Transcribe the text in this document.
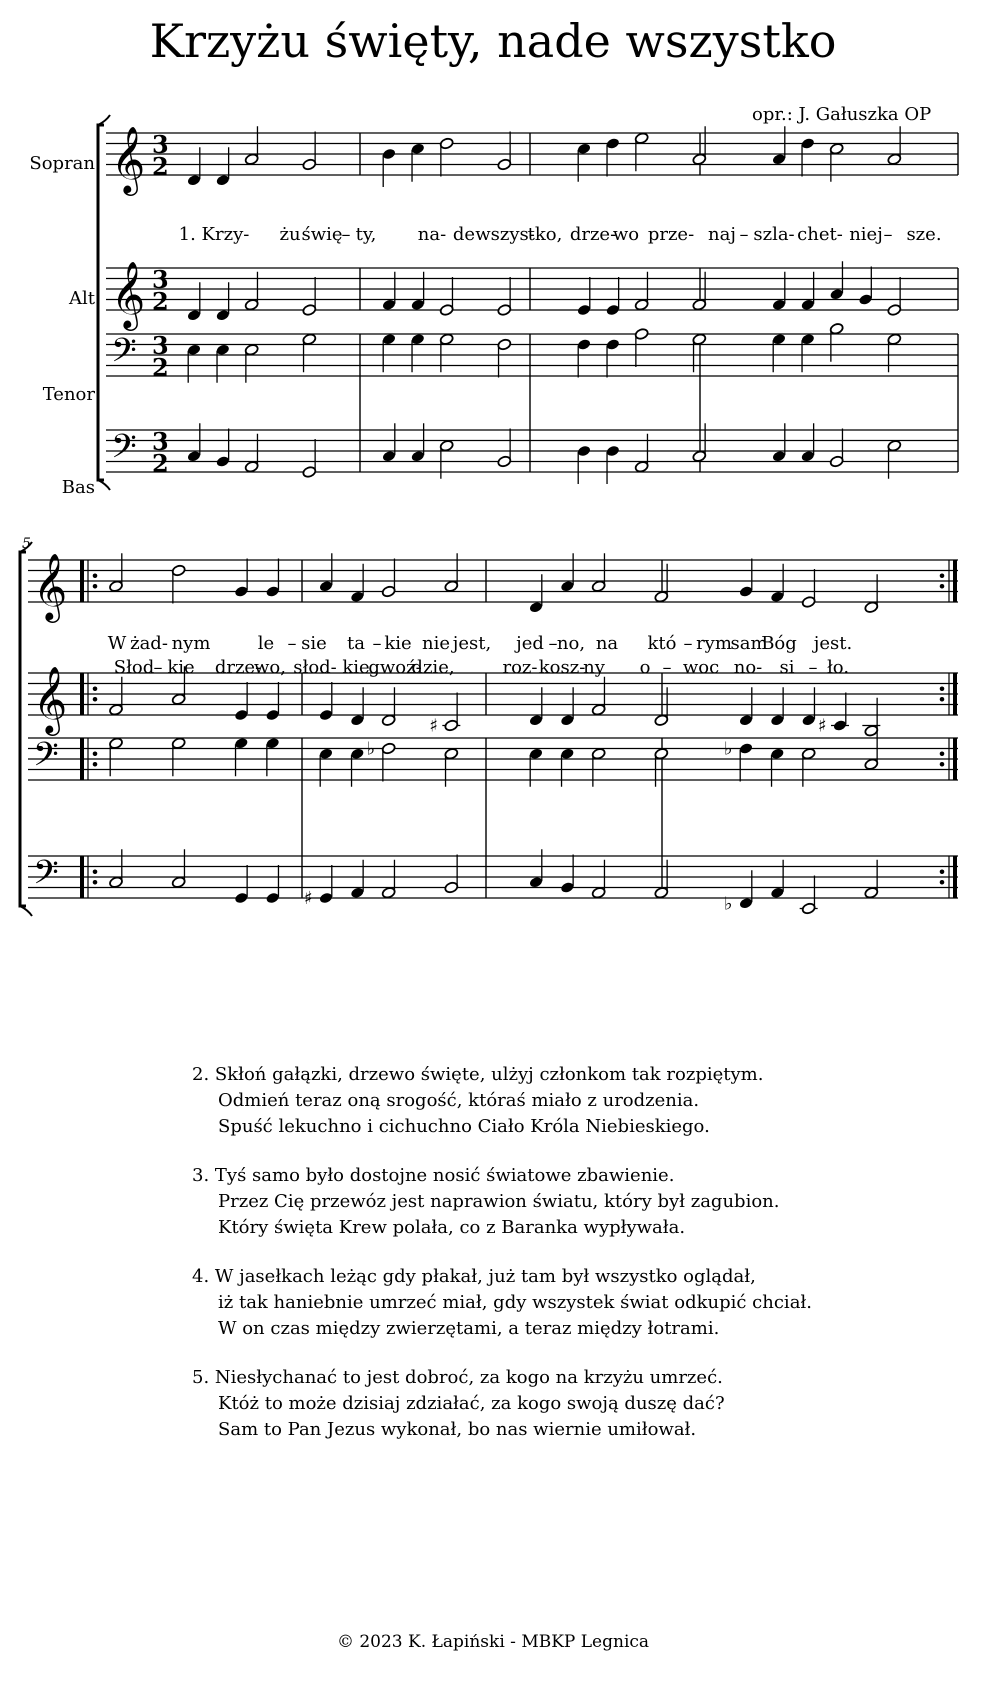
Krzyżu święty, nade wszystko
opr.: J. Gałuszka OP
Sopran
Alt
Tenor
Bas
𝄞
𝄞
𝄢
𝄢
3
2
3
2
3
2
3
2
𝄞
𝄞
𝄢
𝄢
5
♯	♯
♭	♭
♯	♭
1. Krzy- żu świę
– ty, na- de wszys-
tko, drze-
wo prze- naj – szla- chet- niej – sze.
W żad- nym	le – sie ta – kie nie jest, jed – no, na któ – rym
sam
Bóg jest.
Słod – kie drze-
wo, słod- kie
gwoź-
dzie,	roz- kosz-
ny o – woc no- si – ło.
2. Skłoń gałązki, drzewo święte, ulżyj członkom tak rozpiętym.
Odmień teraz oną srogość, któraś miało z urodzenia.
Spuść lekuchno i cichuchno Ciało Króla Niebieskiego.
3. Tyś samo było dostojne nosić światowe zbawienie.
Przez Cię przewóz jest naprawion światu, który był zagubion.
Który święta Krew polała, co z Baranka wypływała.
4. W jasełkach leżąc gdy płakał, już tam był wszystko oglądał,
iż tak haniebnie umrzeć miał, gdy wszystek świat odkupić chciał.
W on czas między zwierzętami, a teraz między łotrami.
5. Niesłychanać to jest dobroć, za kogo na krzyżu umrzeć.
Któż to może dzisiaj zdziałać, za kogo swoją duszę dać?
Sam to Pan Jezus wykonał, bo nas wiernie umiłował.
© 2023 K. Łapiński - MBKP Legnica
